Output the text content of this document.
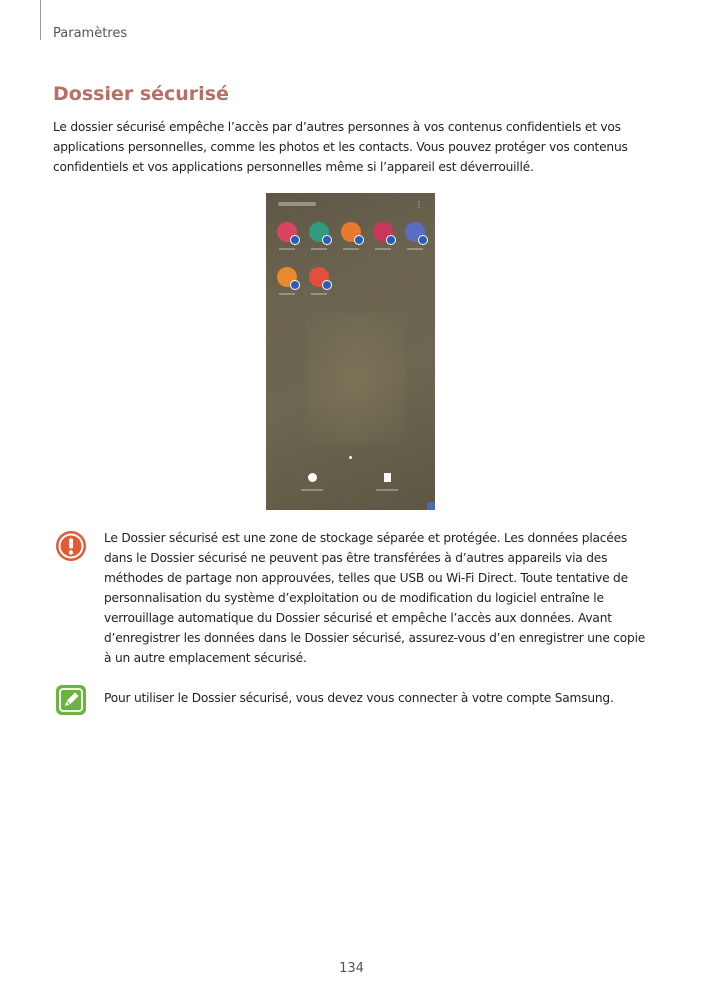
Paramètres
Dossier sécurisé

Le dossier sécurisé empêche l’accès par d’autres personnes à vos contenus confidentiels et vos applications personnelles, comme les photos et les contacts. Vous pouvez protéger vos contenus confidentiels et vos applications personnelles même si l’appareil est déverrouillé.

⋮

Le Dossier sécurisé est une zone de stockage séparée et protégée. Les données placées dans le Dossier sécurisé ne peuvent pas être transférées à d’autres appareils via des méthodes de partage non approuvées, telles que USB ou Wi-Fi Direct. Toute tentative de personnalisation du système d’exploitation ou de modification du logiciel entraîne le verrouillage automatique du Dossier sécurisé et empêche l’accès aux données. Avant d’enregistrer les données dans le Dossier sécurisé, assurez-vous d’en enregistrer une copie à un autre emplacement sécurisé.

Pour utiliser le Dossier sécurisé, vous devez vous connecter à votre compte Samsung.

134
